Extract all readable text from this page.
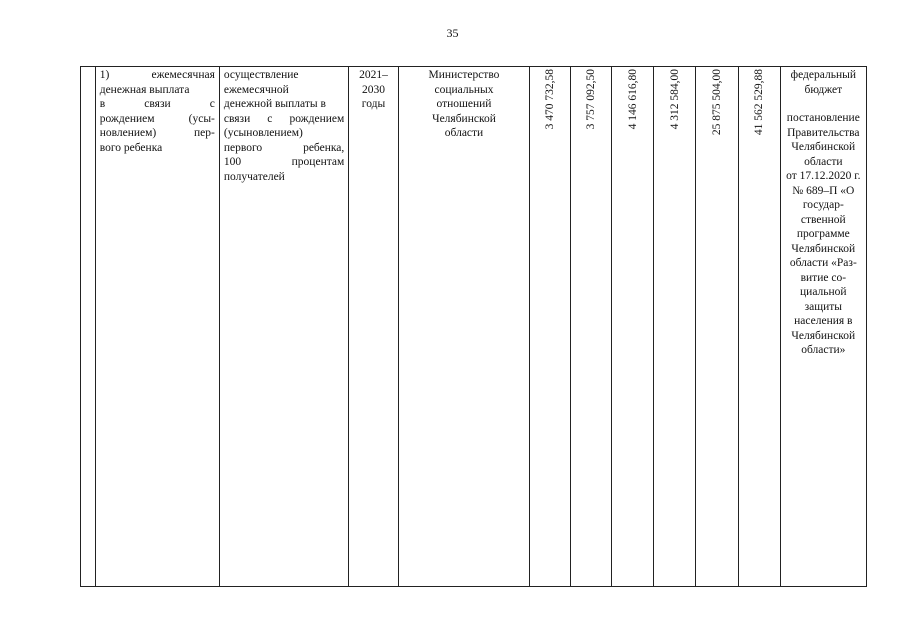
35

1) ежемесячная
денежная выплата
в связи с
рождением (усы-
новлением) пер-
вого ребенка

осуществление
ежемесячной
денежной выплаты в
связи с рождением
(усыновлением)
первого ребенка,
100 процентам
получателей

2021–
2030
годы

Министерство
социальных
отношений
Челябинской
области

3 470 732,58	3 757 092,50	4 146 616,80	4 312 584,00	25 875 504,00	41 562 529,88	федеральный
бюджет
постановление
Правительства
Челябинской
области
от 17.12.2020 г.
№ 689–П «О
государ-
ственной
программе
Челябинской
области «Раз-
витие со-
циальной
защиты
населения в
Челябинской
области»
